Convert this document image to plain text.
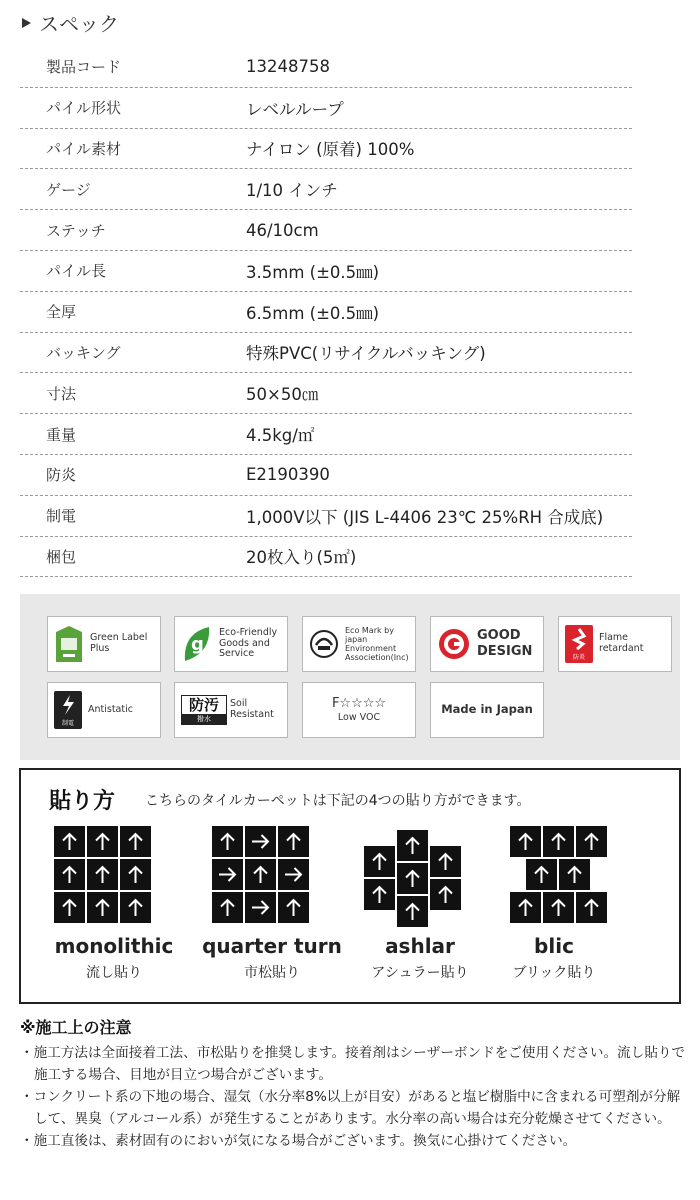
スペック
製品コード	13248758
パイル形状	レベルループ
パイル素材	ナイロン (原着) 100%
ゲージ	1/10 インチ
ステッチ	46/10cm
パイル長	3.5mm (±0.5㎜)
全厚	6.5mm (±0.5㎜)
バッキング	特殊PVC(リサイクルバッキング)
寸法	50×50㎝
重量	4.5kg/㎡
防炎	E2190390
制電	1,000V以下 (JIS L-4406 23℃ 25%RH 合成底)
梱包	20枚入り(5㎡)
Green Label Plus	g
Eco-Friendly Goods and Service
Eco Mark by japan Environment Associetion(Inc)
GOOD DESIGN	防炎
Flame retardant
制電
Antistatic	防汚
撥水
Soil Resistant
F☆☆☆☆
Low VOC
Made in Japan
貼り方 こちらのタイルカーペットは下記の4つの貼り方ができます。
monolithic	quarter turn	ashlar	blic
流し貼り	市松貼り	アシュラー貼り	ブリック貼り
※施工上の注意
・施工方法は全面接着工法、市松貼りを推奨します。接着剤はシーザーボンドをご使用ください。流し貼りで施工する場合、目地が目立つ場合がございます。
・コンクリート系の下地の場合、湿気（水分率8%以上が目安）があると塩ビ樹脂中に含まれる可塑剤が分解して、異臭（アルコール系）が発生することがあります。水分率の高い場合は充分乾燥させてください。
・施工直後は、素材固有のにおいが気になる場合がございます。換気に心掛けてください。
